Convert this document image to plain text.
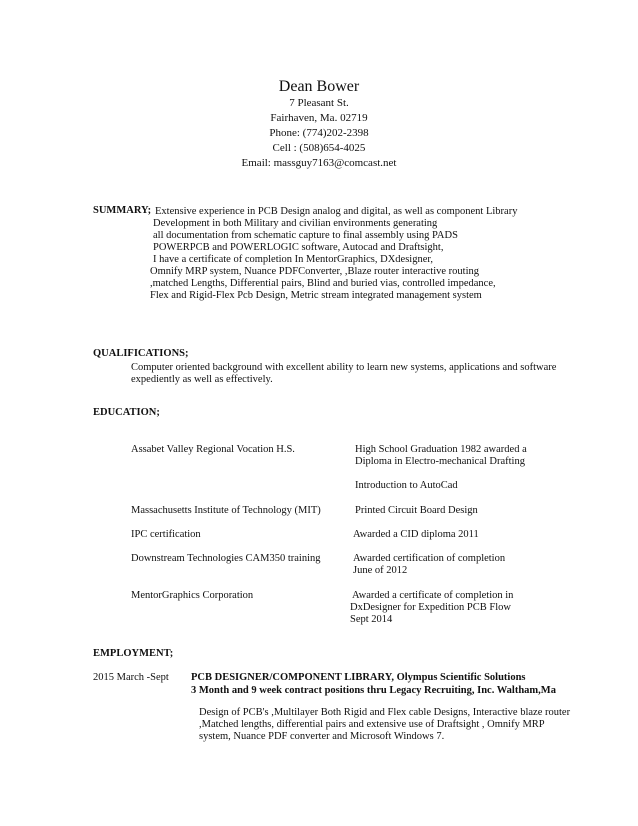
Dean Bower
7 Pleasant St.
Fairhaven, Ma. 02719
Phone: (774)202-2398
Cell : (508)654-4025
Email: massguy7163@comcast.net
SUMMARY; Extensive experience in PCB Design analog and digital, as well as component Library
Development in both Military and civilian environments generating
all documentation from schematic capture to final assembly using PADS
POWERPCB and POWERLOGIC software, Autocad and Draftsight,
I have a certificate of completion In MentorGraphics, DXdesigner,
Omnify MRP system, Nuance PDFConverter, ,Blaze router interactive routing
,matched Lengths, Differential pairs, Blind and buried vias, controlled impedance,
Flex and Rigid-Flex Pcb Design, Metric stream integrated management system
QUALIFICATIONS;
Computer oriented background with excellent ability to learn new systems, applications and software
expediently as well as effectively.
EDUCATION;
Assabet Valley Regional Vocation H.S.	High School Graduation 1982 awarded a
Diploma in Electro-mechanical Drafting
Introduction to AutoCad
Massachusetts Institute of Technology (MIT)	Printed Circuit Board Design
IPC certification	Awarded a CID diploma 2011
Downstream Technologies CAM350 training	Awarded certification of completion
June of 2012
MentorGraphics Corporation	Awarded a certificate of completion in
DxDesigner for Expedition PCB Flow
Sept 2014
EMPLOYMENT;
2015 March -Sept PCB DESIGNER/COMPONENT LIBRARY, Olympus Scientific Solutions
3 Month and 9 week contract positions thru Legacy Recruiting, Inc. Waltham,Ma
Design of PCB's ,Multilayer Both Rigid and Flex cable Designs, Interactive blaze router
,Matched lengths, differential pairs and extensive use of Draftsight , Omnify MRP
system, Nuance PDF converter and Microsoft Windows 7.
